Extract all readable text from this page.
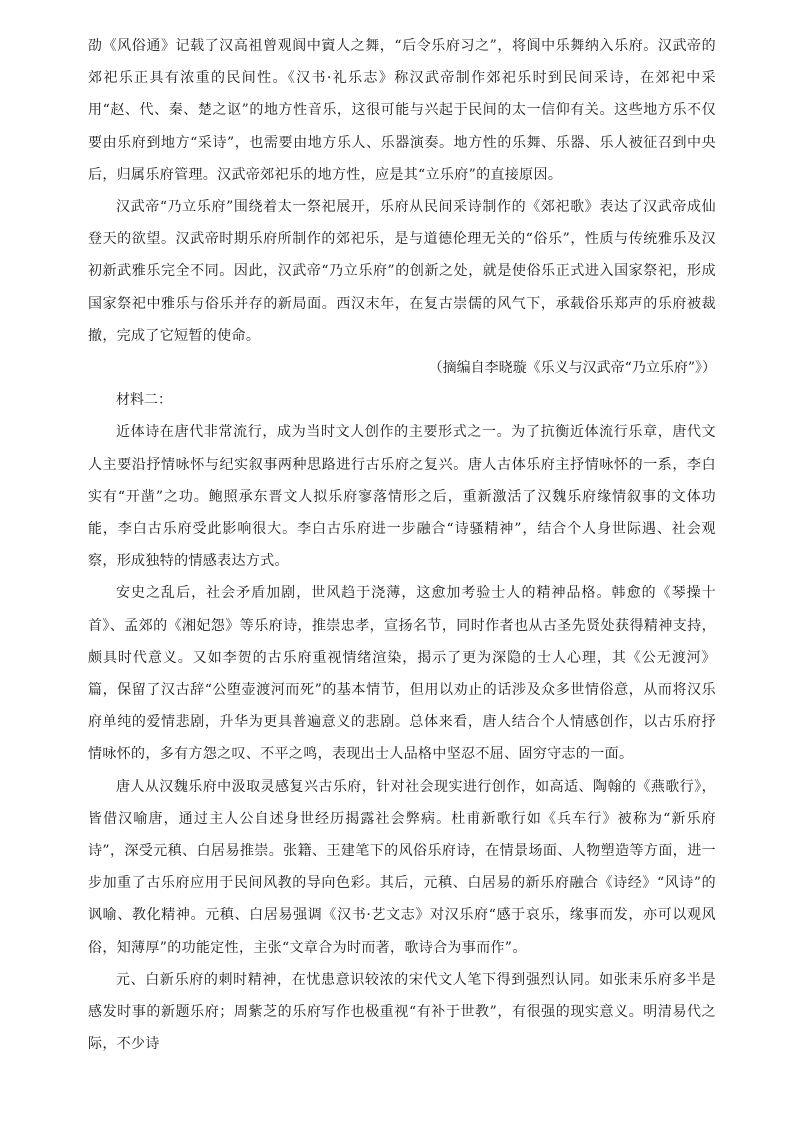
劭《风俗通》记载了汉高祖曾观阆中賨人之舞，“后令乐府习之”，将阆中乐舞纳入乐府。汉武帝的郊祀乐正具有浓重的民间性。《汉书·礼乐志》称汉武帝制作郊祀乐时到民间采诗，在郊祀中采用“赵、代、秦、楚之讴”的地方性音乐，这很可能与兴起于民间的太一信仰有关。这些地方乐不仅要由乐府到地方“采诗”，也需要由地方乐人、乐器演奏。地方性的乐舞、乐器、乐人被征召到中央后，归属乐府管理。汉武帝郊祀乐的地方性，应是其“立乐府”的直接原因。

汉武帝“乃立乐府”围绕着太一祭祀展开，乐府从民间采诗制作的《郊祀歌》表达了汉武帝成仙登天的欲望。汉武帝时期乐府所制作的郊祀乐，是与道德伦理无关的“俗乐”，性质与传统雅乐及汉初新武雅乐完全不同。因此，汉武帝“乃立乐府”的创新之处，就是使俗乐正式进入国家祭祀，形成国家祭祀中雅乐与俗乐并存的新局面。西汉末年，在复古崇儒的风气下，承载俗乐郑声的乐府被裁撤，完成了它短暂的使命。

（摘编自李晓璇《乐义与汉武帝“乃立乐府”》）

材料二：

近体诗在唐代非常流行，成为当时文人创作的主要形式之一。为了抗衡近体流行乐章，唐代文人主要沿抒情咏怀与纪实叙事两种思路进行古乐府之复兴。唐人古体乐府主抒情咏怀的一系，李白实有“开凿”之功。鲍照承东晋文人拟乐府寥落情形之后，重新激活了汉魏乐府缘情叙事的文体功能，李白古乐府受此影响很大。李白古乐府进一步融合“诗骚精神”，结合个人身世际遇、社会观察，形成独特的情感表达方式。

安史之乱后，社会矛盾加剧，世风趋于浇薄，这愈加考验士人的精神品格。韩愈的《琴操十首》、孟郊的《湘妃怨》等乐府诗，推崇忠孝，宣扬名节，同时作者也从古圣先贤处获得精神支持，颇具时代意义。又如李贺的古乐府重视情绪渲染，揭示了更为深隐的士人心理，其《公无渡河》篇，保留了汉古辞“公堕壶渡河而死”的基本情节，但用以劝止的话涉及众多世情俗意，从而将汉乐府单纯的爱情悲剧，升华为更具普遍意义的悲剧。总体来看，唐人结合个人情感创作，以古乐府抒情咏怀的，多有方怨之叹、不平之鸣，表现出士人品格中坚忍不屈、固穷守志的一面。

唐人从汉魏乐府中汲取灵感复兴古乐府，针对社会现实进行创作，如高适、陶翰的《燕歌行》，皆借汉喻唐，通过主人公自述身世经历揭露社会弊病。杜甫新歌行如《兵车行》被称为“新乐府诗”，深受元稹、白居易推崇。张籍、王建笔下的风俗乐府诗，在情景场面、人物塑造等方面，进一步加重了古乐府应用于民间风教的导向色彩。其后，元稹、白居易的新乐府融合《诗经》“风诗”的讽喻、教化精神。元稹、白居易强调《汉书·艺文志》对汉乐府“感于哀乐，缘事而发，亦可以观风俗，知薄厚”的功能定性，主张“文章合为时而著，歌诗合为事而作”。

元、白新乐府的刺时精神，在忧患意识较浓的宋代文人笔下得到强烈认同。如张耒乐府多半是感发时事的新题乐府；周紫芝的乐府写作也极重视“有补于世教”，有很强的现实意义。明清易代之际，不少诗
